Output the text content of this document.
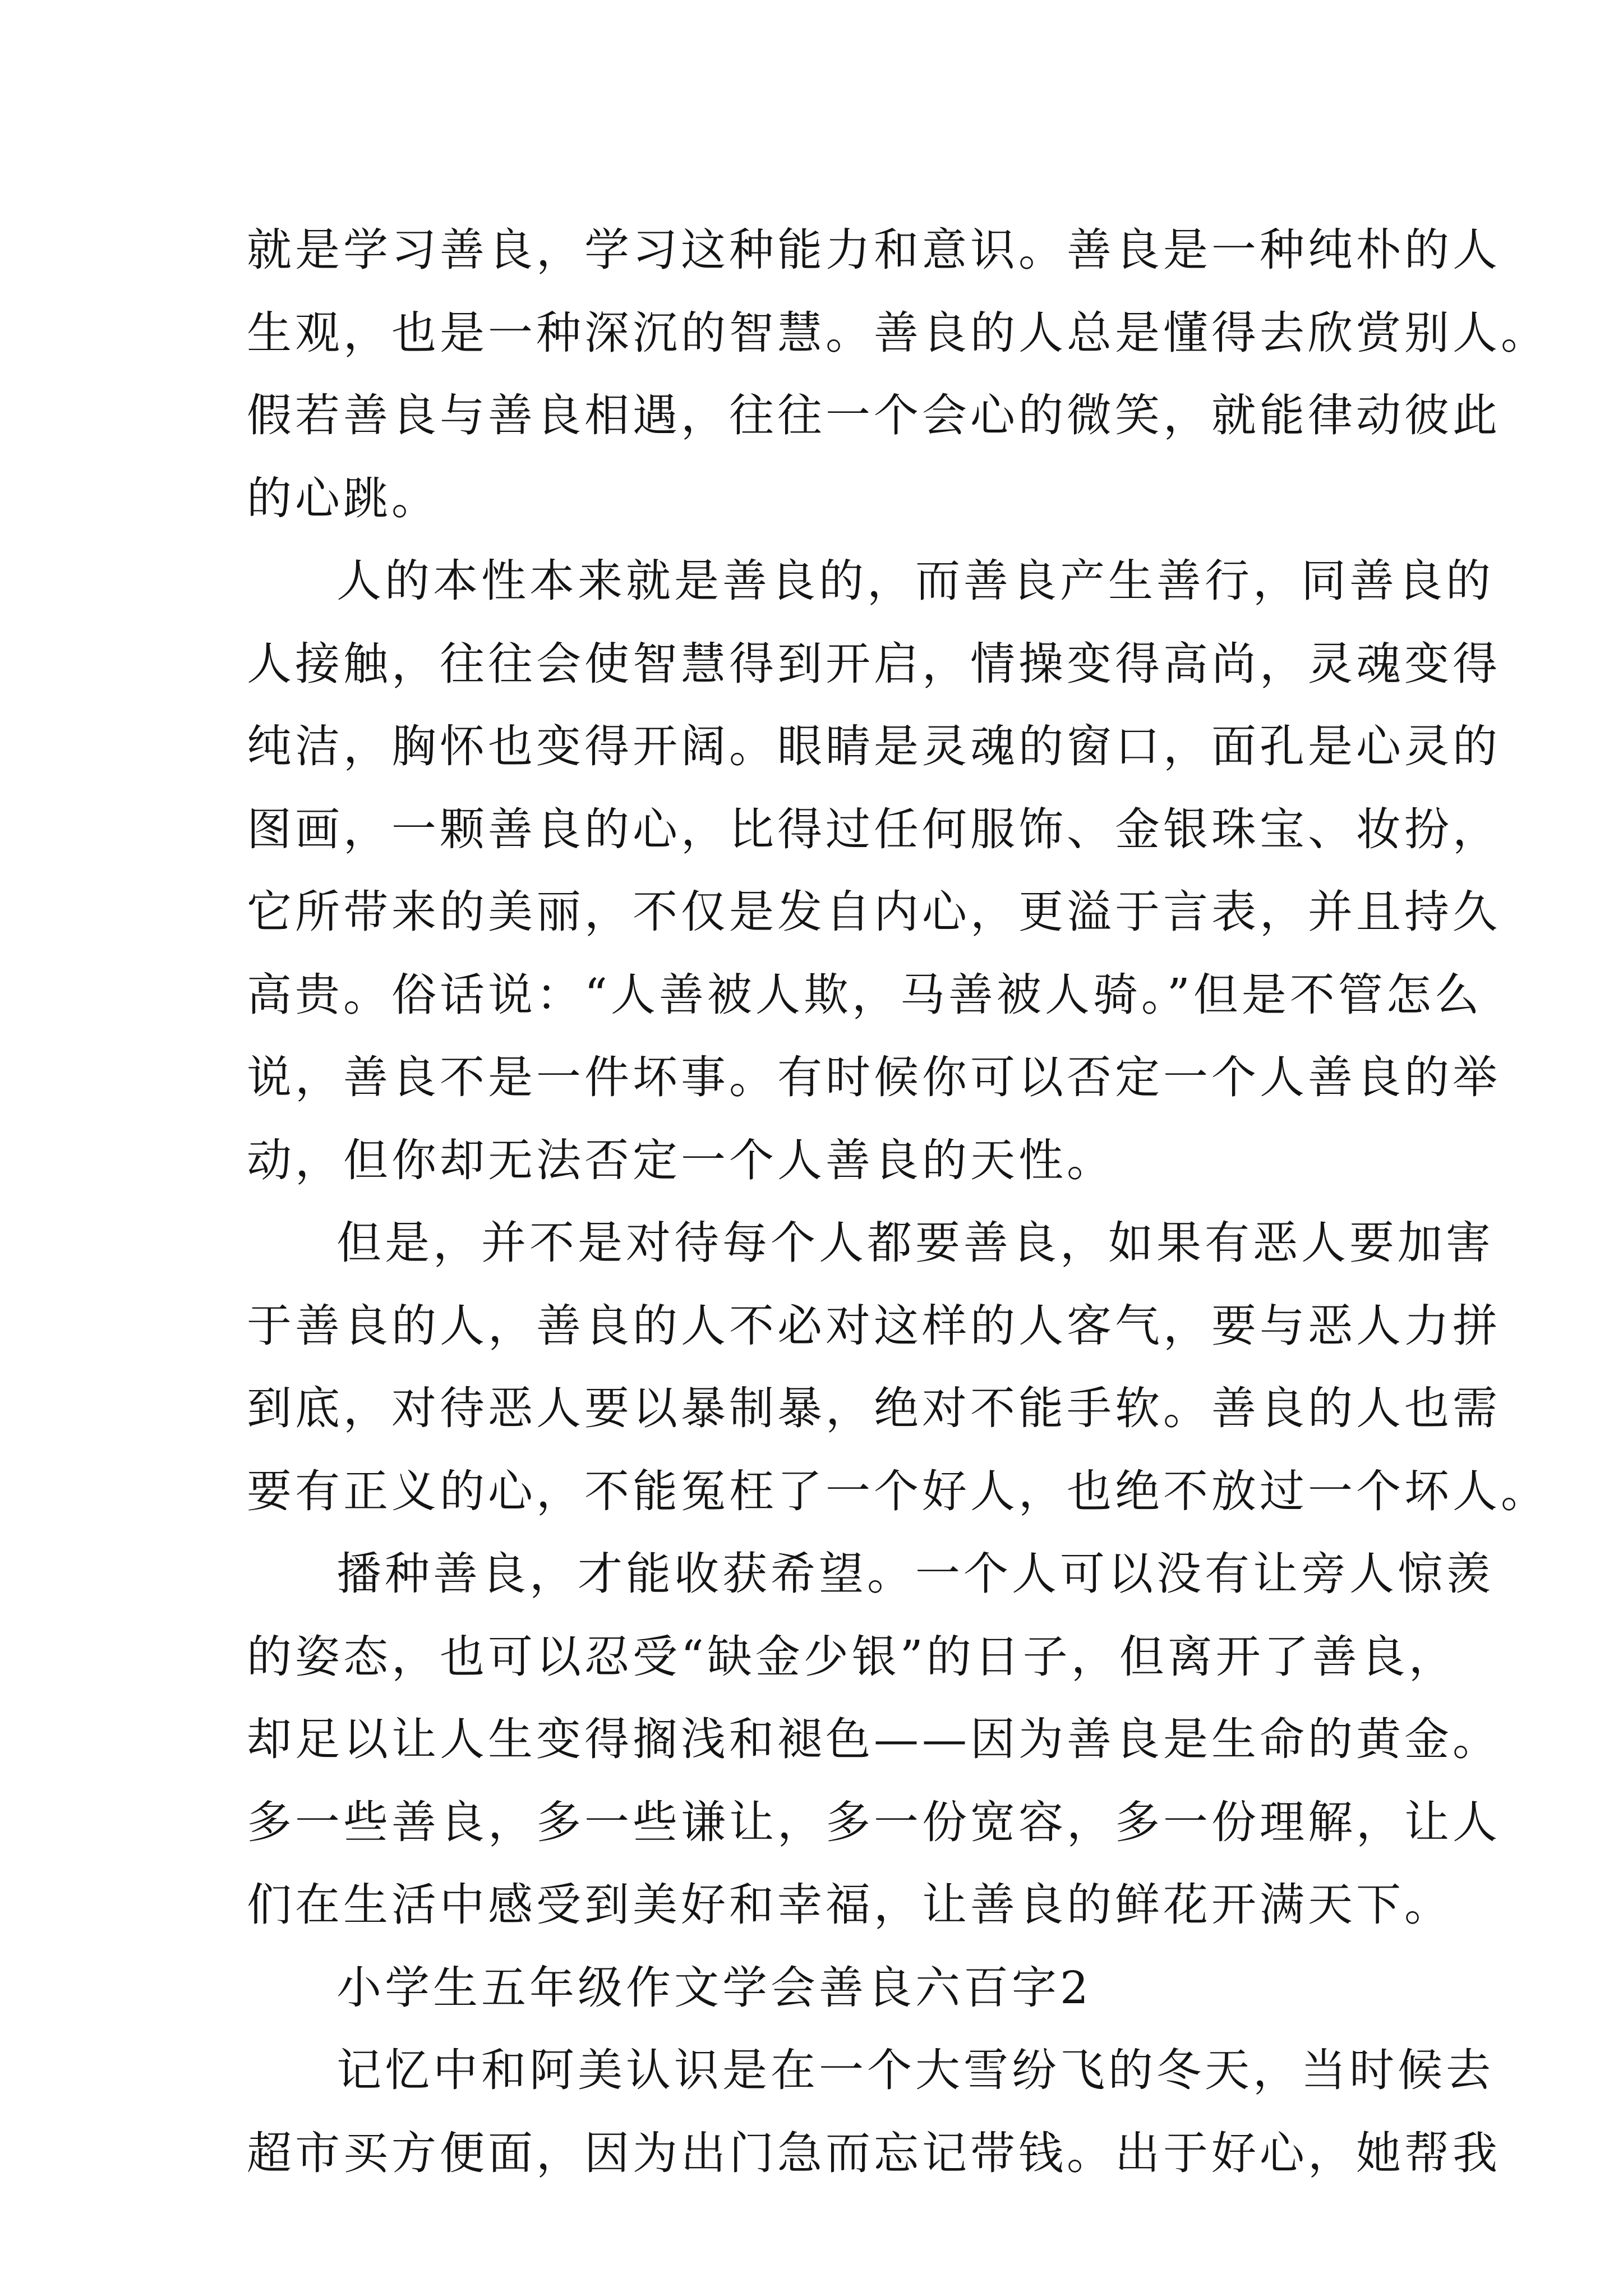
就是学习善良，学习这种能力和意识。善良是一种纯朴的人
生观，也是一种深沉的智慧。善良的人总是懂得去欣赏别人。
假若善良与善良相遇，往往一个会心的微笑，就能律动彼此
的心跳。
人的本性本来就是善良的，而善良产生善行，同善良的
人接触，往往会使智慧得到开启，情操变得高尚，灵魂变得
纯洁，胸怀也变得开阔。眼睛是灵魂的窗口，面孔是心灵的
图画，一颗善良的心，比得过任何服饰、金银珠宝、妆扮，
它所带来的美丽，不仅是发自内心，更溢于言表，并且持久
高贵。俗话说：“人善被人欺，马善被人骑。”但是不管怎么
说，善良不是一件坏事。有时候你可以否定一个人善良的举
动，但你却无法否定一个人善良的天性。
但是，并不是对待每个人都要善良，如果有恶人要加害
于善良的人，善良的人不必对这样的人客气，要与恶人力拼
到底，对待恶人要以暴制暴，绝对不能手软。善良的人也需
要有正义的心，不能冤枉了一个好人，也绝不放过一个坏人。
播种善良，才能收获希望。一个人可以没有让旁人惊羡
的姿态，也可以忍受“缺金少银”的日子，但离开了善良，
却足以让人生变得搁浅和褪色——因为善良是生命的黄金。
多一些善良，多一些谦让，多一份宽容，多一份理解，让人
们在生活中感受到美好和幸福，让善良的鲜花开满天下。
小学生五年级作文学会善良六百字2
记忆中和阿美认识是在一个大雪纷飞的冬天，当时候去
超市买方便面，因为出门急而忘记带钱。出于好心，她帮我
